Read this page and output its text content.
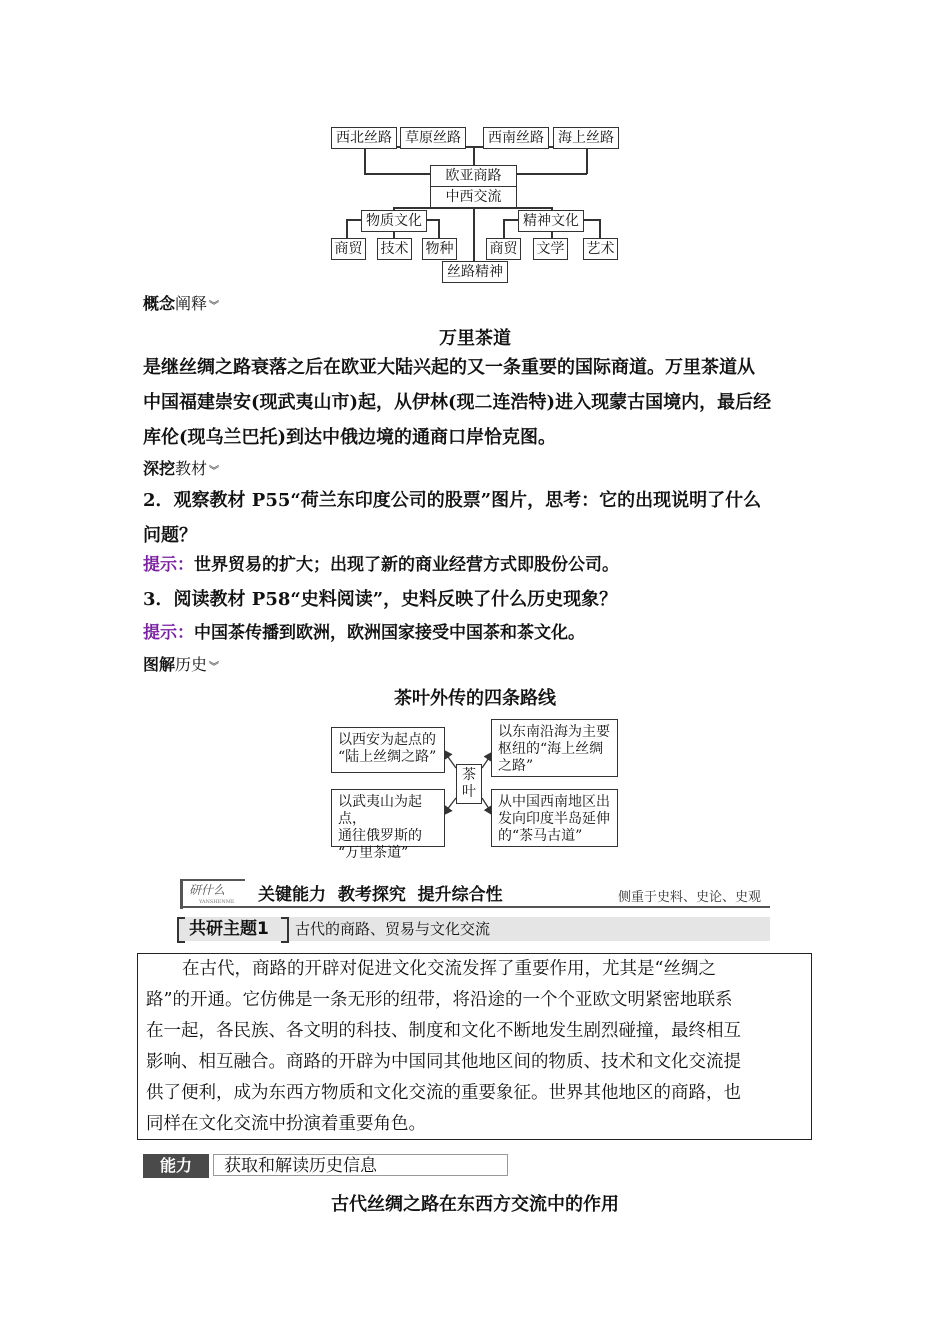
西北丝路 草原丝路	西南丝路	海上丝路
欧亚商路
中西交流
物质文化	精神文化
商贸 技术 物种	商贸 文学 艺术
丝路精神
概念阐释 ︾
万里茶道
是继丝绸之路衰落之后在欧亚大陆兴起的又一条重要的国际商道。万里茶道从
中国福建崇安(现武夷山市)起，从伊林(现二连浩特)进入现蒙古国境内，最后经
库伦(现乌兰巴托)到达中俄边境的通商口岸恰克图。
深挖教材 ︾
2．观察教材 P55“荷兰东印度公司的股票”图片，思考：它的出现说明了什么
问题？
提示：世界贸易的扩大；出现了新的商业经营方式即股份公司。
3．阅读教材 P58“史料阅读”，史料反映了什么历史现象？
提示：中国茶传播到欧洲，欧洲国家接受中国茶和茶文化。
图解历史 ︾
茶叶外传的四条路线
以西安为起点的
“陆上丝绸之路”
以东南沿海为主要
枢纽的“海上丝绸
之路”
茶叶
以武夷山为起点，
通往俄罗斯的
“万里茶道”
从中国西南地区出
发向印度半岛延伸
的“茶马古道”
研什么
YANSHENME	关键能力  教考探究  提升综合性	侧重于史料、史论、史观
共研主题1 古代的商路、贸易与文化交流
在古代，商路的开辟对促进文化交流发挥了重要作用，尤其是“丝绸之
路”的开通。它仿佛是一条无形的纽带，将沿途的一个个亚欧文明紧密地联系
在一起，各民族、各文明的科技、制度和文化不断地发生剧烈碰撞，最终相互
影响、相互融合。商路的开辟为中国同其他地区间的物质、技术和文化交流提
供了便利，成为东西方物质和文化交流的重要象征。世界其他地区的商路，也
同样在文化交流中扮演着重要角色。
能力	获取和解读历史信息
古代丝绸之路在东西方交流中的作用
